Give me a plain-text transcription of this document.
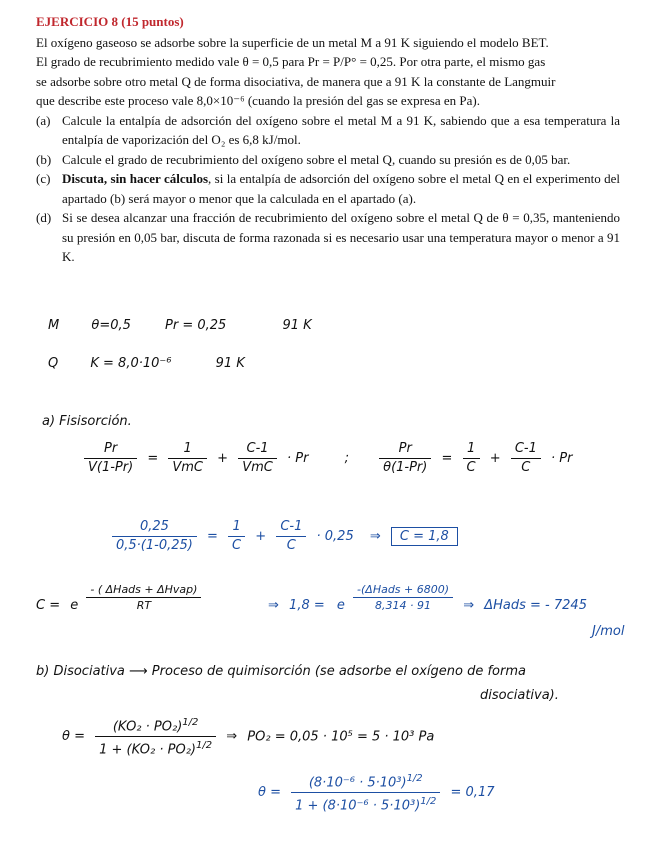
EJERCICIO 8 (15 puntos)

El oxígeno gaseoso se adsorbe sobre la superficie de un metal M a 91 K siguiendo el modelo BET.

El grado de recubrimiento medido vale θ = 0,5 para Pr = P/P° = 0,25. Por otra parte, el mismo gas

se adsorbe sobre otro metal Q de forma disociativa, de manera que a 91 K la constante de Langmuir

que describe este proceso vale 8,0×10⁻⁶ (cuando la presión del gas se expresa en Pa).

(a) Calcule la entalpía de adsorción del oxígeno sobre el metal M a 91 K, sabiendo que a esa temperatura la entalpía de vaporización del O₂ es 6,8 kJ/mol.
(b) Calcule el grado de recubrimiento del oxígeno sobre el metal Q, cuando su presión es de 0,05 bar.
(c) Discuta, sin hacer cálculos, si la entalpía de adsorción del oxígeno sobre el metal Q en el experimento del apartado (b) será mayor o menor que la calculada en el apartado (a).
(d) Si se desea alcanzar una fracción de recubrimiento del oxígeno sobre el metal Q de θ = 0,35, manteniendo su presión en 0,05 bar, discuta de forma razonada si es necesario usar una temperatura mayor o menor a 91 K.
M θ=0,5	Pr = 0,25	91 K
Q K = 8,0·10⁻⁶	91 K
a) Fisisorción.
$\frac{Pr}{V(1-Pr)} = \frac{1}{\text{VmC}} + \frac{C-1}{\text{VmC}} \cdot Pr$	; $\frac{Pr}{\theta(1-Pr)} = \frac{1}{C} + \frac{C-1}{C} \cdot Pr$
$\frac{0,25}{0,5\cdot(1-0,25)} = \frac{1}{C} + \frac{C-1}{C} \cdot 0,25$ ⇒ C = 1,8
C = e $\frac{\text{- ( ΔHads + ΔHvap)}}{RT}$	⇒ 1,8 = e $\frac{\text{-(ΔHads + 6800)}}{8,314 \cdot 91}$ ⇒ ΔHads = - 7245
J/mol
b) Disociativa ⟶ Proceso de quimisorción (se adsorbe el oxígeno de forma
disociativa).
$\theta = \frac{(KO_2 \cdot PO_2)^{1/2}}{1 + (KO_2 \cdot PO_2)^{1/2}}$ ⇒ PO₂ = 0,05 · 10⁵ = 5 · 10³ Pa
$\theta = \frac{(8\cdot 10^{-6} \cdot 5\cdot 10^3)^{1/2}}{1 + (8\cdot 10^{-6} \cdot 5\cdot 10^3)^{1/2}} = 0,17$
